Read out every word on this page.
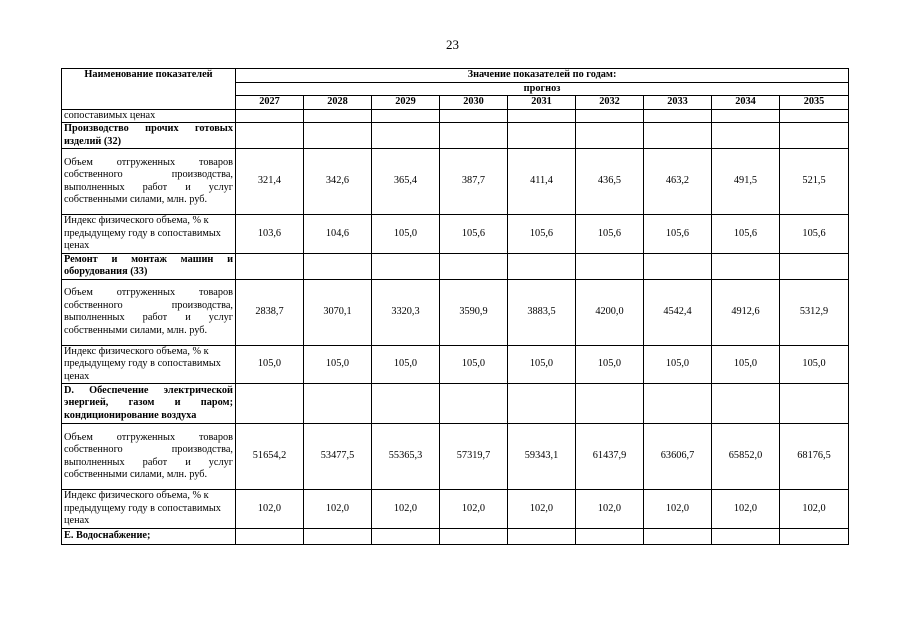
23
Наименование показателей	Значение показателей по годам:								
	прогноз								
	2027	2028	2029	2030	2031	2032	2033	2034	2035
сопоставимых ценах									
Производство прочих готовых изделий (32)									
Объем отгруженных товаров собственного производства, выполненных работ и услуг собственными силами, млн. руб.	321,4	342,6	365,4	387,7	411,4	436,5	463,2	491,5	521,5
Индекс физического объема, % к предыдущему году в сопоставимых ценах	103,6	104,6	105,0	105,6	105,6	105,6	105,6	105,6	105,6
Ремонт и монтаж машин и оборудования (33)									
Объем отгруженных товаров собственного производства, выполненных работ и услуг собственными силами, млн. руб.	2838,7	3070,1	3320,3	3590,9	3883,5	4200,0	4542,4	4912,6	5312,9
Индекс физического объема, % к предыдущему году в сопоставимых ценах	105,0	105,0	105,0	105,0	105,0	105,0	105,0	105,0	105,0
D. Обеспечение электрической энергией, газом и паром; кондиционирование воздуха									
Объем отгруженных товаров собственного производства, выполненных работ и услуг собственными силами, млн. руб.	51654,2	53477,5	55365,3	57319,7	59343,1	61437,9	63606,7	65852,0	68176,5
Индекс физического объема, % к предыдущему году в сопоставимых ценах	102,0	102,0	102,0	102,0	102,0	102,0	102,0	102,0	102,0
Е. Водоснабжение;									
